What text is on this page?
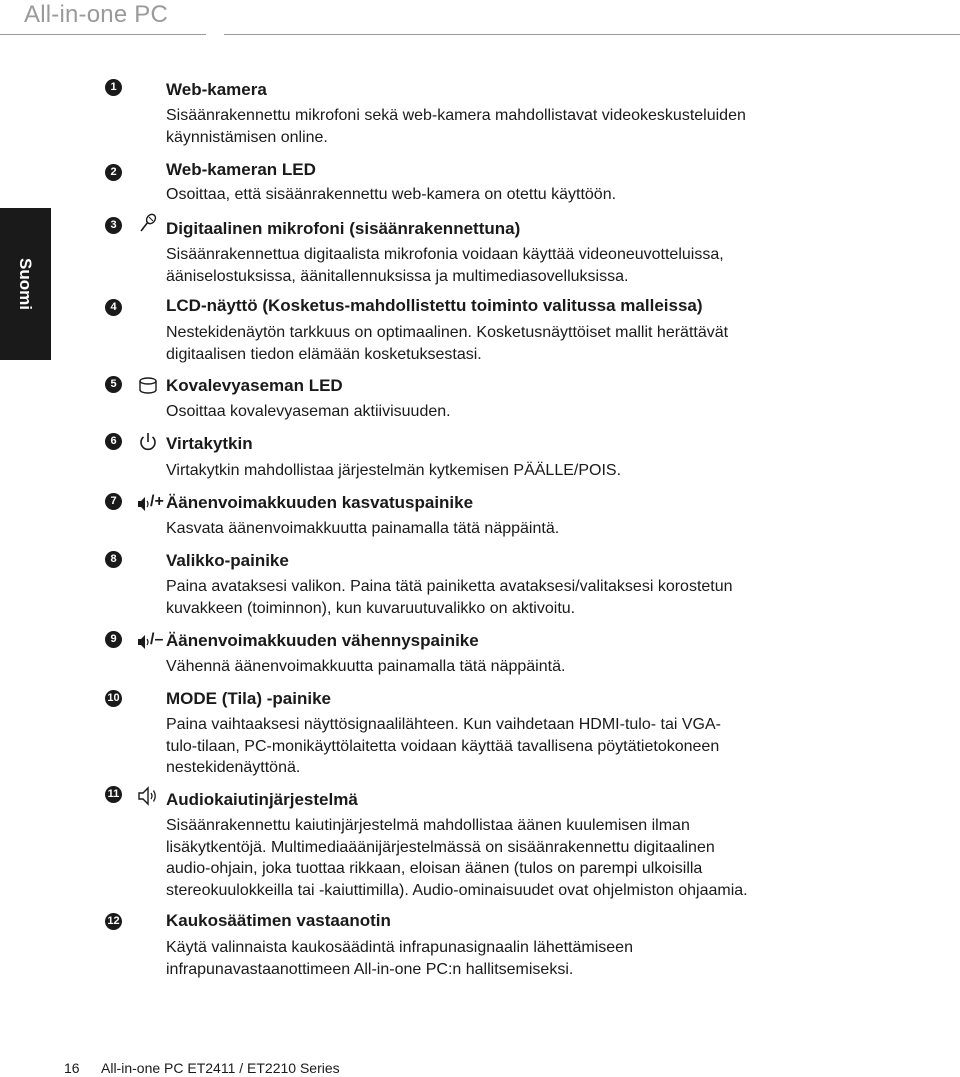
All-in-one PC
Suomi
1	Web-kamera
Sisäänrakennettu mikrofoni sekä web-kamera mahdollistavat videokeskusteluiden
käynnistämisen online.
2	Web-kameran LED
Osoittaa, että sisäänrakennettu web-kamera on otettu käyttöön.
3	Digitaalinen mikrofoni (sisäänrakennettuna)
Sisäänrakennettua digitaalista mikrofonia voidaan käyttää videoneuvotteluissa,
ääniselostuksissa, äänitallennuksissa ja multimediasovelluksissa.
4	LCD-näyttö (Kosketus-mahdollistettu toiminto valitussa malleissa)
Nestekidenäytön tarkkuus on optimaalinen. Kosketusnäyttöiset mallit herättävät
digitaalisen tiedon elämään kosketuksestasi.
5	Kovalevyaseman LED
Osoittaa kovalevyaseman aktiivisuuden.
6	Virtakytkin
Virtakytkin mahdollistaa järjestelmän kytkemisen PÄÄLLE/POIS.
7	/+ Äänenvoimakkuuden kasvatuspainike
Kasvata äänenvoimakkuutta painamalla tätä näppäintä.
8	Valikko-painike
Paina avataksesi valikon. Paina tätä painiketta avataksesi/valitaksesi korostetun
kuvakkeen (toiminnon), kun kuvaruutuvalikko on aktivoitu.
9	/– Äänenvoimakkuuden vähennyspainike
Vähennä äänenvoimakkuutta painamalla tätä näppäintä.
10	MODE (Tila) -painike
Paina vaihtaaksesi näyttösignaalilähteen. Kun vaihdetaan HDMI-tulo- tai VGA-
tulo-tilaan, PC-monikäyttölaitetta voidaan käyttää tavallisena pöytätietokoneen
nestekidenäyttönä.
11	Audiokaiutinjärjestelmä
Sisäänrakennettu kaiutinjärjestelmä mahdollistaa äänen kuulemisen ilman
lisäkytkentöjä. Multimediaäänijärjestelmässä on sisäänrakennettu digitaalinen
audio-ohjain, joka tuottaa rikkaan, eloisan äänen (tulos on parempi ulkoisilla
stereokuulokkeilla tai -kaiuttimilla). Audio-ominaisuudet ovat ohjelmiston ohjaamia.
12	Kaukosäätimen vastaanotin
Käytä valinnaista kaukosäädintä infrapunasignaalin lähettämiseen
infrapunavastaanottimeen All-in-one PC:n hallitsemiseksi.
16 All-in-one PC ET2411 / ET2210 Series
